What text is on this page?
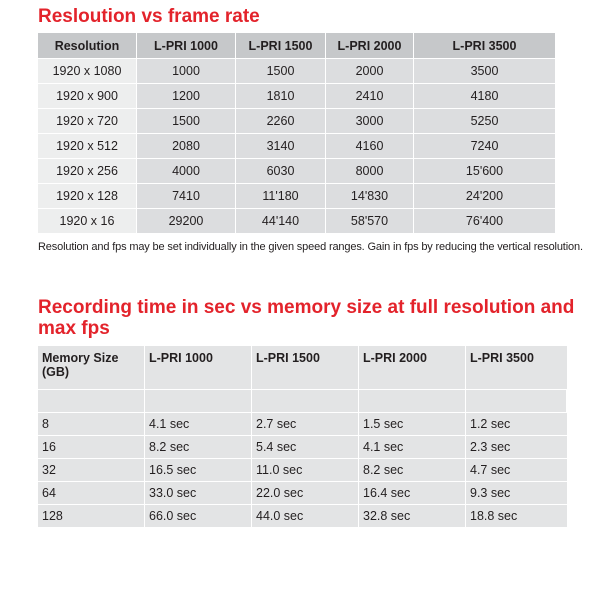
Resloution vs frame rate
Resolution	L-PRI 1000	L-PRI 1500	L-PRI 2000	L-PRI 3500
1920 x 1080	1000	1500	2000	3500
1920 x 900	1200	1810	2410	4180
1920 x 720	1500	2260	3000	5250
1920 x 512	2080	3140	4160	7240
1920 x 256	4000	6030	8000	15'600
1920 x 128	7410	11'180	14'830	24'200
1920 x 16	29200	44'140	58'570	76'400

Resolution and fps may be set individually in the given speed ranges. Gain in fps by reducing the vertical resolution.

Recording time in sec vs memory size at full resolution and max fps
Memory Size (GB)	L-PRI 1000	L-PRI 1500	L-PRI 2000	L-PRI 3500

8	4.1 sec	2.7 sec	1.5 sec	1.2 sec
16	8.2 sec	5.4 sec	4.1 sec	2.3 sec
32	16.5 sec	11.0 sec	8.2 sec	4.7 sec
64	33.0 sec	22.0 sec	16.4 sec	9.3 sec
128	66.0 sec	44.0 sec	32.8 sec	18.8 sec
